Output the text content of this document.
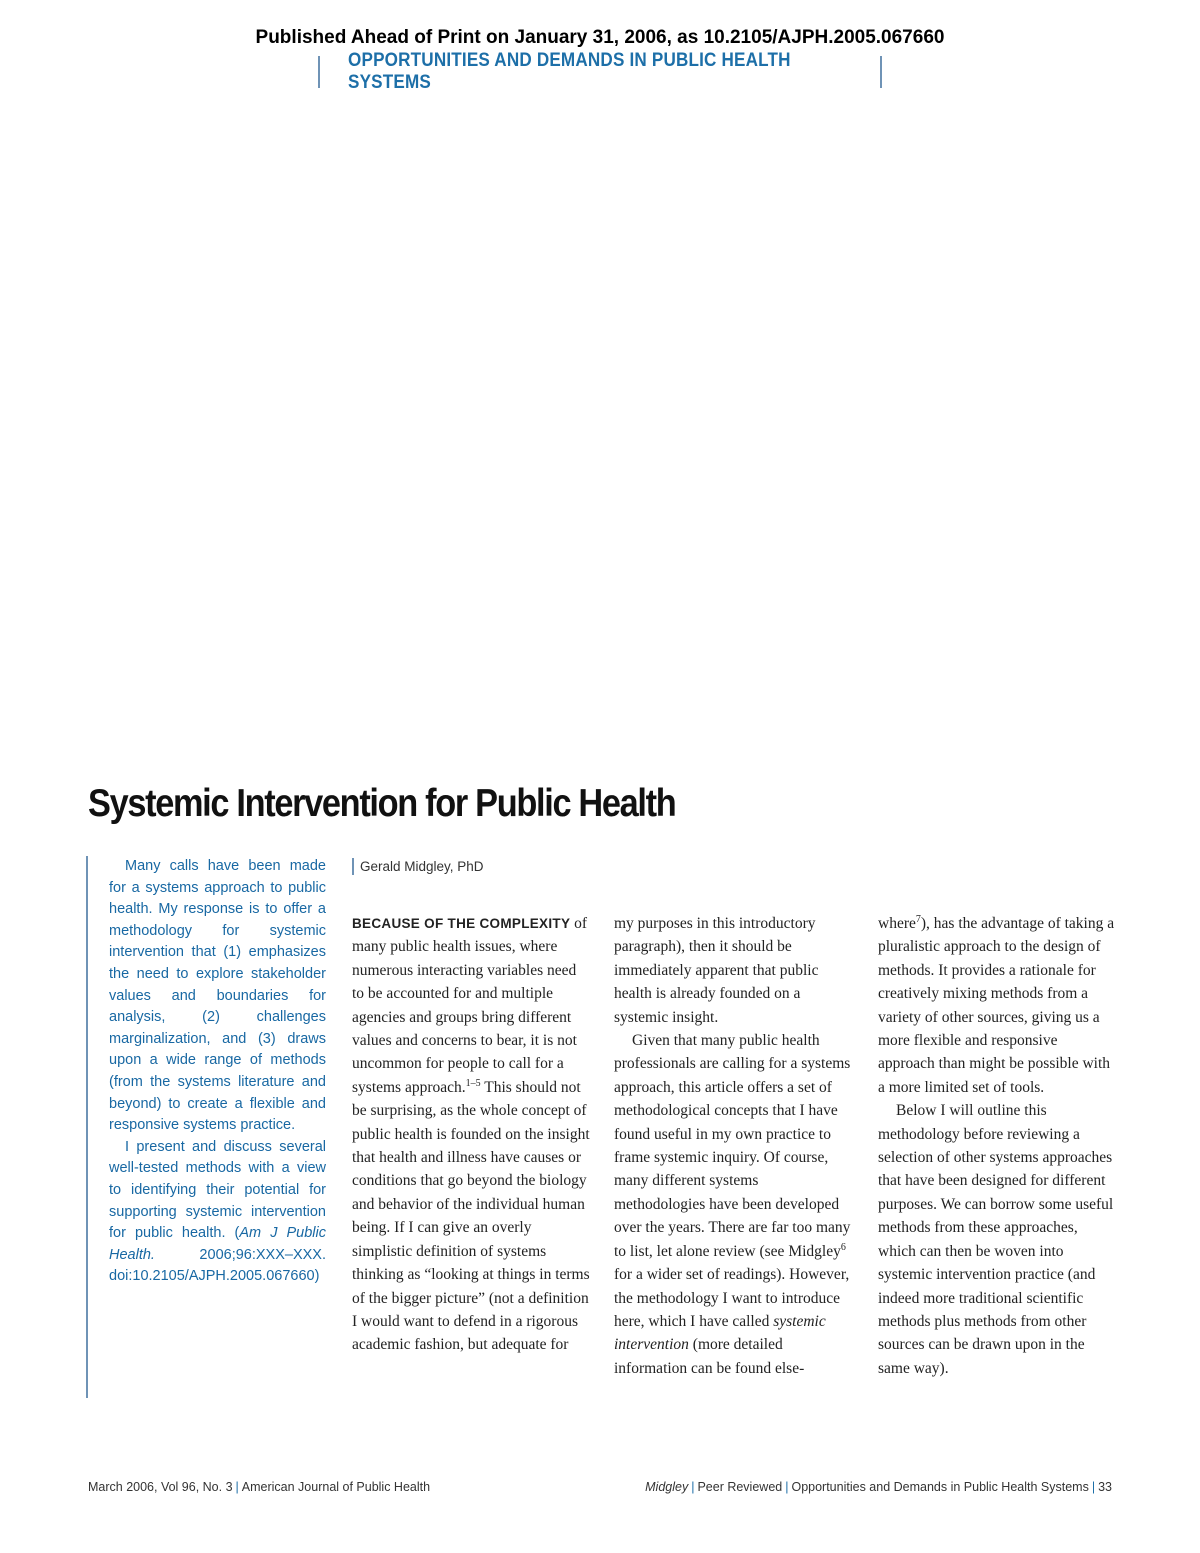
Published Ahead of Print on January 31, 2006, as 10.2105/AJPH.2005.067660
OPPORTUNITIES AND DEMANDS IN PUBLIC HEALTH SYSTEMS
Systemic Intervention for Public Health

Many calls have been made for a systems approach to public health. My response is to offer a methodology for systemic intervention that (1) emphasizes the need to explore stakeholder values and boundaries for analysis, (2) challenges marginalization, and (3) draws upon a wide range of methods (from the systems literature and beyond) to create a flexible and responsive systems practice.

I present and discuss several well-tested methods with a view to identifying their potential for supporting systemic intervention for public health. (Am J Public Health. 2006;96:XXX–XXX. doi:10.2105/AJPH.2005.067660)

Gerald Midgley, PhD

BECAUSE OF THE COMPLEXITY of many public health issues, where numerous interacting variables need to be accounted for and multiple agencies and groups bring different values and concerns to bear, it is not uncommon for people to call for a systems approach.$^{1-5}$ This should not be surprising, as the whole concept of public health is founded on the insight that health and illness have causes or conditions that go beyond the biology and behavior of the individual human being. If I can give an overly simplistic definition of systems thinking as “looking at things in terms of the bigger picture” (not a definition I would want to defend in a rigorous academic fashion, but adequate for

my purposes in this introductory paragraph), then it should be immediately apparent that public health is already founded on a systemic insight.

Given that many public health professionals are calling for a systems approach, this article offers a set of methodological concepts that I have found useful in my own practice to frame systemic inquiry. Of course, many different systems methodologies have been developed over the years. There are far too many to list, let alone review (see Midgley$^6$ for a wider set of readings). However, the methodology I want to introduce here, which I have called systemic intervention (more detailed information can be found else-

where$^7$), has the advantage of taking a pluralistic approach to the design of methods. It provides a rationale for creatively mixing methods from a variety of other sources, giving us a more flexible and responsive approach than might be possible with a more limited set of tools.

Below I will outline this methodology before reviewing a selection of other systems approaches that have been designed for different purposes. We can borrow some useful methods from these approaches, which can then be woven into systemic intervention practice (and indeed more traditional scientific methods plus methods from other sources can be drawn upon in the same way).

March 2006, Vol 96, No. 3 | American Journal of Public Health	Midgley | Peer Reviewed | Opportunities and Demands in Public Health Systems | 33
